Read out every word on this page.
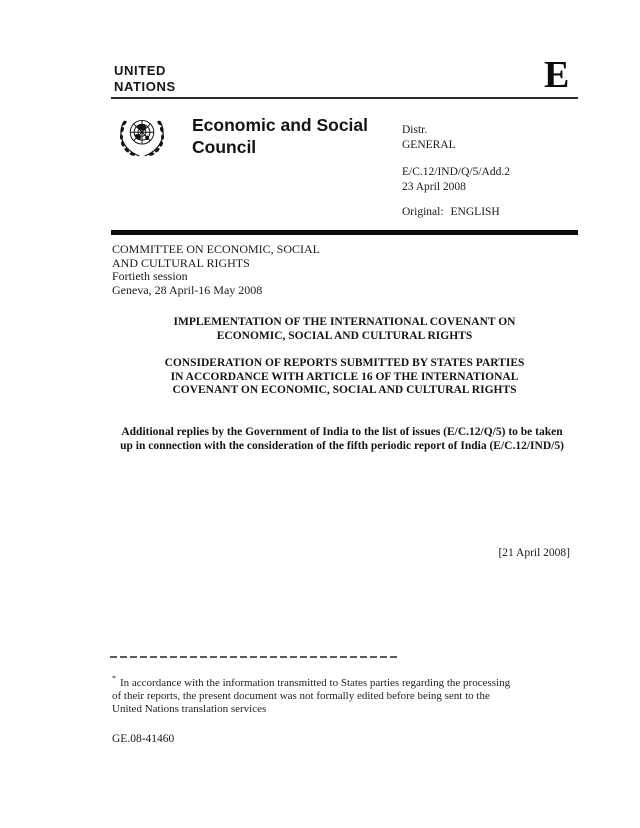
UNITED
NATIONS	E
Economic and Social
Council
Distr.
GENERAL
E/C.12/IND/Q/5/Add.2
23 April 2008
Original: ENGLISH
COMMITTEE ON ECONOMIC, SOCIAL
AND CULTURAL RIGHTS
Fortieth session
Geneva, 28 April-16 May 2008
IMPLEMENTATION OF THE INTERNATIONAL COVENANT ON
ECONOMIC, SOCIAL AND CULTURAL RIGHTS
CONSIDERATION OF REPORTS SUBMITTED BY STATES PARTIES
IN ACCORDANCE WITH ARTICLE 16 OF THE INTERNATIONAL
COVENANT ON ECONOMIC, SOCIAL AND CULTURAL RIGHTS
Additional replies by the Government of India to the list of issues (E/C.12/Q/5) to be taken
up in connection with the consideration of the fifth periodic report of India (E/C.12/IND/5)
[21 April 2008]
* In accordance with the information transmitted to States parties regarding the processing
of their reports, the present document was not formally edited before being sent to the
United Nations translation services
GE.08-41460
